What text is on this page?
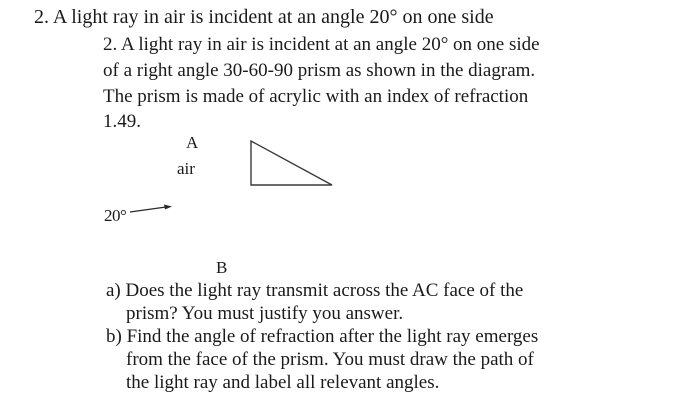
2. A light ray in air is incident at an angle 20° on one side
2. A light ray in air is incident at an angle 20° on one side
of a right angle 30-60-90 prism as shown in the diagram.
The prism is made of acrylic with an index of refraction
1.49.
A
air
20°
B
a) Does the light ray transmit across the AC face of the
prism? You must justify you answer.
b) Find the angle of refraction after the light ray emerges
from the face of the prism. You must draw the path of
the light ray and label all relevant angles.
